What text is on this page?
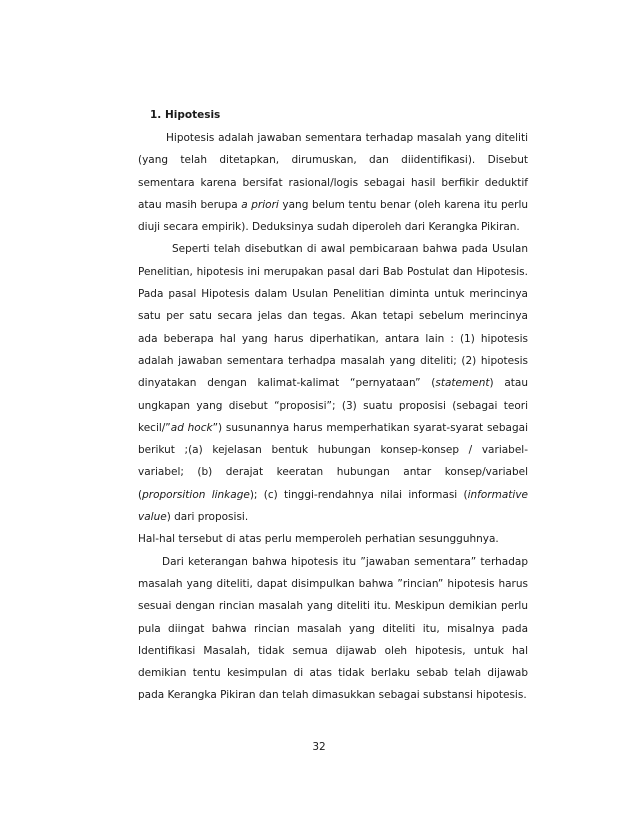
1. Hipotesis

Hipotesis adalah jawaban sementara terhadap masalah yang diteliti (yang telah ditetapkan, dirumuskan, dan diidentifikasi). Disebut sementara karena bersifat rasional/logis sebagai hasil berfikir deduktif atau masih berupa a priori yang belum tentu benar (oleh karena itu perlu diuji secara empirik). Deduksinya sudah diperoleh dari Kerangka Pikiran.

Seperti telah disebutkan di awal pembicaraan bahwa pada Usulan Penelitian, hipotesis ini merupakan pasal dari Bab Postulat dan Hipotesis. Pada pasal Hipotesis dalam Usulan Penelitian diminta untuk merincinya satu per satu secara jelas dan tegas. Akan tetapi sebelum merincinya ada beberapa hal yang harus diperhatikan, antara lain : (1) hipotesis adalah jawaban sementara terhadpa masalah yang diteliti; (2) hipotesis dinyatakan dengan kalimat-kalimat “pernyataan” (statement) atau ungkapan yang disebut “proposisi”; (3) suatu proposisi (sebagai teori kecil/”ad hock”) susunannya harus memperhatikan syarat-syarat sebagai berikut ;(a) kejelasan bentuk hubungan konsep-konsep / variabel-variabel; (b) derajat keeratan hubungan antar konsep/variabel (proporsition linkage); (c) tinggi-rendahnya nilai informasi (informative value) dari proposisi.

Hal-hal tersebut di atas perlu memperoleh perhatian sesungguhnya.

Dari keterangan bahwa hipotesis itu ”jawaban sementara” terhadap masalah yang diteliti, dapat disimpulkan bahwa ”rincian” hipotesis harus sesuai dengan rincian masalah yang diteliti itu. Meskipun demikian perlu pula diingat bahwa rincian masalah yang diteliti itu, misalnya pada Identifikasi Masalah, tidak semua dijawab oleh hipotesis, untuk hal demikian tentu kesimpulan di atas tidak berlaku sebab telah dijawab pada Kerangka Pikiran dan telah dimasukkan sebagai substansi hipotesis.

32
